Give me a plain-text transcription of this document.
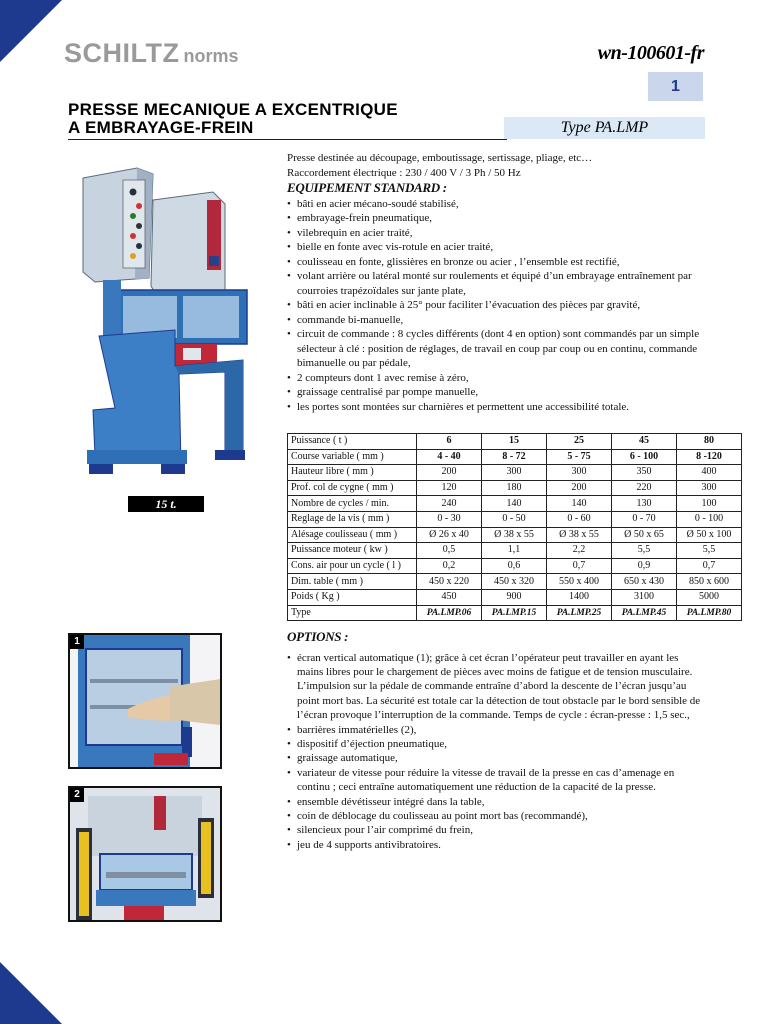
SCHILTZ norms	wn-100601-fr
1
PRESSE MECANIQUE A EXCENTRIQUE
A EMBRAYAGE-FREIN	Type PA.LMP
15 t.
Presse destinée au découpage, emboutissage, sertissage, pliage, etc…
Raccordement électrique : 230 / 400 V / 3 Ph / 50 Hz
EQUIPEMENT STANDARD :
• bâti en acier mécano-soudé stabilisé,
• embrayage-frein pneumatique,
• vilebrequin en acier traité,
• bielle en fonte avec vis-rotule en acier traité,
• coulisseau en fonte, glissières en bronze ou acier , l’ensemble est rectifié,
• volant arrière ou latéral monté sur roulements et équipé d’un embrayage entraînement par courroies trapézoïdales sur jante plate,
• bâti en acier inclinable à 25° pour faciliter l’évacuation des pièces par gravité,
• commande bi-manuelle,
• circuit de commande : 8 cycles différents (dont 4 en option) sont commandés par un simple sélecteur à clé : position de réglages, de travail en coup par coup ou en continu, commande bimanuelle ou par pédale,
• 2 compteurs dont 1 avec remise à zéro,
• graissage centralisé par pompe manuelle,
• les portes sont montées sur charnières et permettent une accessibilité totale.
Puissance ( t )	6	15	25	45	80
Course variable ( mm )	4 - 40	8 - 72	5 - 75	6 - 100	8 -120
Hauteur libre ( mm )	200	300	300	350	400
Prof. col de cygne ( mm )	120	180	200	220	300
Nombre de cycles / min.	240	140	140	130	100
Reglage de la vis ( mm )	0 - 30	0 - 50	0 - 60	0 - 70	0 - 100
Alésage coulisseau ( mm )	Ø 26 x 40	Ø 38 x 55	Ø 38 x 55	Ø 50 x 65	Ø 50 x 100
Puissance moteur ( kw )	0,5	1,1	2,2	5,5	5,5
Cons. air pour un cycle ( l )	0,2	0,6	0,7	0,9	0,7
Dim. table ( mm )	450 x 220	450 x 320	550 x 400	650 x 430	850 x 600
Poids ( Kg )	450	900	1400	3100	5000
Type	PA.LMP.06	PA.LMP.15	PA.LMP.25	PA.LMP.45	PA.LMP.80
1
2
OPTIONS :
• écran vertical automatique (1); grâce à cet écran l’opérateur peut travailler en ayant les mains libres pour le chargement de pièces avec moins de fatigue et de tension musculaire. L’impulsion sur la pédale de commande entraîne d’abord la descente de l’écran jusqu’au point mort bas. La sécurité est totale car la détection de tout obstacle par le bord sensible de l’écran provoque l’interruption de la commande. Temps de cycle : écran-presse : 1,5 sec.,
• barrières immatérielles (2),
• dispositif d’éjection pneumatique,
• graissage automatique,
• variateur de vitesse pour réduire la vitesse de travail de la presse en cas d’amenage en continu ; ceci entraîne automatiquement une réduction de la capacité de la presse.
• ensemble dévétisseur intégré dans la table,
• coin de déblocage du coulisseau au point mort bas (recommandé),
• silencieux pour l’air comprimé du frein,
• jeu de 4 supports antivibratoires.
